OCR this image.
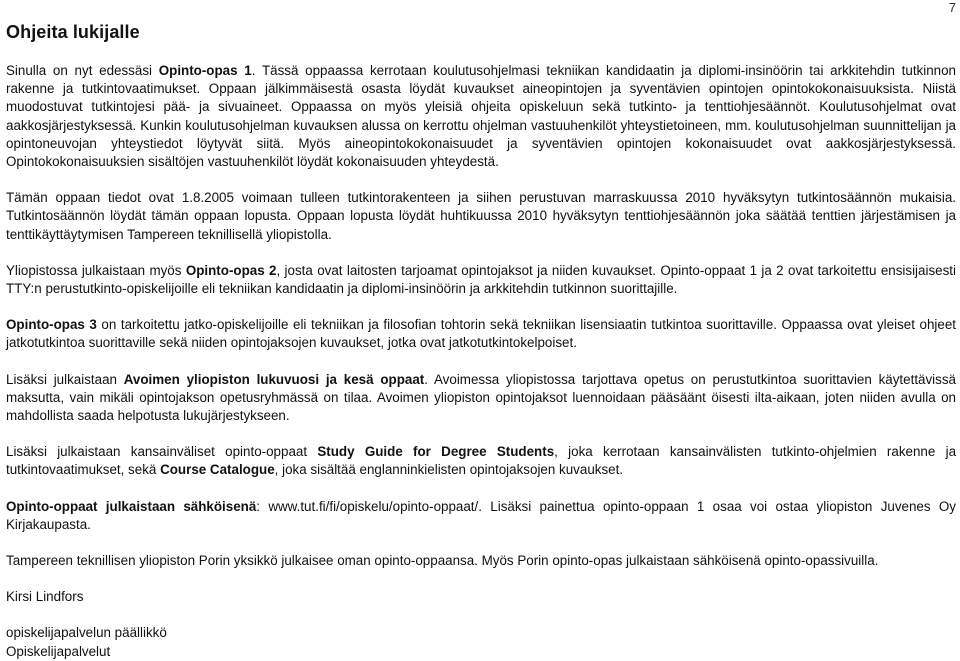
7
Ohjeita lukijalle

Sinulla on nyt edessäsi Opinto-opas 1. Tässä oppaassa kerrotaan koulutusohjelmasi tekniikan kandidaatin ja diplomi-insinöörin tai arkkitehdin tutkinnon rakenne ja tutkintovaatimukset. Oppaan jälkimmäisestä osasta löydät kuvaukset aineopintojen ja syventävien opintojen opintokokonaisuuksista. Niistä muodostuvat tutkintojesi pää- ja sivuaineet. Oppaassa on myös yleisiä ohjeita opiskeluun sekä tutkinto- ja tenttiohjesäännöt. Koulutusohjelmat ovat aakkosjärjestyksessä. Kunkin koulutusohjelman kuvauksen alussa on kerrottu ohjelman vastuuhenkilöt yhteystietoineen, mm. koulutusohjelman suunnittelijan ja opintoneuvojan yhteystiedot löytyvät siitä. Myös aineopintokokonaisuudet ja syventävien opintojen kokonaisuudet ovat aakkosjärjestyksessä. Opintokokonaisuuksien sisältöjen vastuuhenkilöt löydät kokonaisuuden yhteydestä.

Tämän oppaan tiedot ovat 1.8.2005 voimaan tulleen tutkintorakenteen ja siihen perustuvan marraskuussa 2010 hyväksytyn tutkintosäännön mukaisia. Tutkintosäännön löydät tämän oppaan lopusta. Oppaan lopusta löydät huhtikuussa 2010 hyväksytyn tenttiohjesäännön joka säätää tenttien järjestämisen ja tenttikäyttäytymisen Tampereen teknillisellä yliopistolla.

Yliopistossa julkaistaan myös Opinto-opas 2, josta ovat laitosten tarjoamat opintojaksot ja niiden kuvaukset. Opinto-oppaat 1 ja 2 ovat tarkoitettu ensisijaisesti TTY:n perustutkinto-opiskelijoille eli tekniikan kandidaatin ja diplomi-insinöörin ja arkkitehdin tutkinnon suorittajille.

Opinto-opas 3 on tarkoitettu jatko-opiskelijoille eli tekniikan ja filosofian tohtorin sekä tekniikan lisensiaatin tutkintoa suorittaville. Oppaassa ovat yleiset ohjeet jatkotutkintoa suorittaville sekä niiden opintojaksojen kuvaukset, jotka ovat jatkotutkintokelpoiset.

Lisäksi julkaistaan Avoimen yliopiston lukuvuosi ja kesä oppaat. Avoimessa yliopistossa tarjottava opetus on perustutkintoa suorittavien käytettävissä maksutta, vain mikäli opintojakson opetusryhmässä on tilaa. Avoimen yliopiston opintojaksot luennoidaan pääsäänt öisesti ilta-aikaan, joten niiden avulla on mahdollista saada helpotusta lukujärjestykseen.

Lisäksi julkaistaan kansainväliset opinto-oppaat Study Guide for Degree Students, joka kerrotaan kansainvälisten tutkinto-ohjelmien rakenne ja tutkintovaatimukset, sekä Course Catalogue, joka sisältää englanninkielisten opintojaksojen kuvaukset.

Opinto-oppaat julkaistaan sähköisenä: www.tut.fi/fi/opiskelu/opinto-oppaat/. Lisäksi painettua opinto-oppaan 1 osaa voi ostaa yliopiston Juvenes Oy Kirjakaupasta.

Tampereen teknillisen yliopiston Porin yksikkö julkaisee oman opinto-oppaansa. Myös Porin opinto-opas julkaistaan sähköisenä opinto-opassivuilla.

Kirsi Lindfors
opiskelijapalvelun päällikkö
Opiskelijapalvelut
